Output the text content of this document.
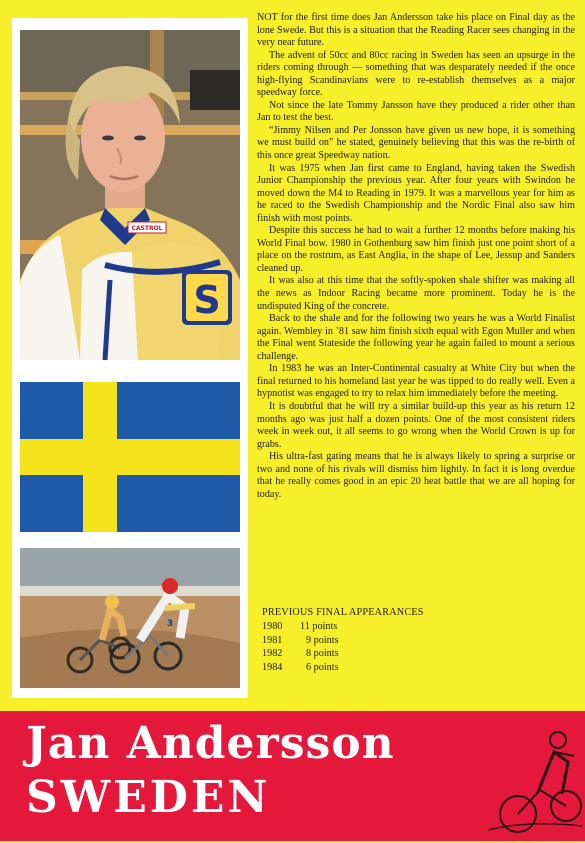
S
CASTROL
3

NOT for the first time does Jan Andersson take his place on Final day as the lone Swede. But this is a situation that the Reading Racer sees changing in the very near future.

The advent of 50cc and 80cc racing in Sweden has seen an upsurge in the riders coming through — something that was desparately needed if the once high-flying Scandinavians were to re-establish themselves as a major speedway force.

Not since the late Tommy Jansson have they produced a rider other than Jan to test the best.

“Jimmy Nilsen and Per Jonsson have given us new hope, it is something we must build on” he stated, genuinely believing that this was the re-birth of this once great Speedway nation.

It was 1975 when Jan first came to England, having taken the Swedish Junior Championship the previous year. After four years with Swindon he moved down the M4 to Reading in 1979. It was a marvellous year for him as he raced to the Swedish Championship and the Nordic Final also saw him finish with most points.

Despite this success he had to wait a further 12 months before making his World Final bow. 1980 in Gothenburg saw him finish just one point short of a place on the rostrum, as East Anglia, in the shape of Lee, Jessup and Sanders cleaned up.

It was also at this time that the softly-spoken shale shifter was making all the news as Indoor Racing became more prominent. Today he is the undisputed King of the concrete.

Back to the shale and for the following two years he was a World Finalist again. Wembley in ’81 saw him finish sixth equal with Egon Muller and when the Final went Stateside the following year he again failed to mount a serious challenge.

In 1983 he was an Inter-Continental casualty at White City but when the final returned to his homeland last year he was tipped to do really well. Even a hypnotist was engaged to try to relax him immediately before the meeting.

It is doubtful that he will try a similar build-up this year as his return 12 months ago was just half a dozen points. One of the most consistent riders week in week out, it all seems to go wrong when the World Crown is up for grabs.

His ultra-fast gating means that he is always likely to spring a surprise or two and none of his rivals will dismiss him lightly. In fact it is long overdue that he really comes good in an epic 20 heat battle that we are all hoping for today.

PREVIOUS FINAL APPEARANCES
1980	11 points
1981	9 points
1982	8 points
1984	6 points
Jan Andersson
SWEDEN
